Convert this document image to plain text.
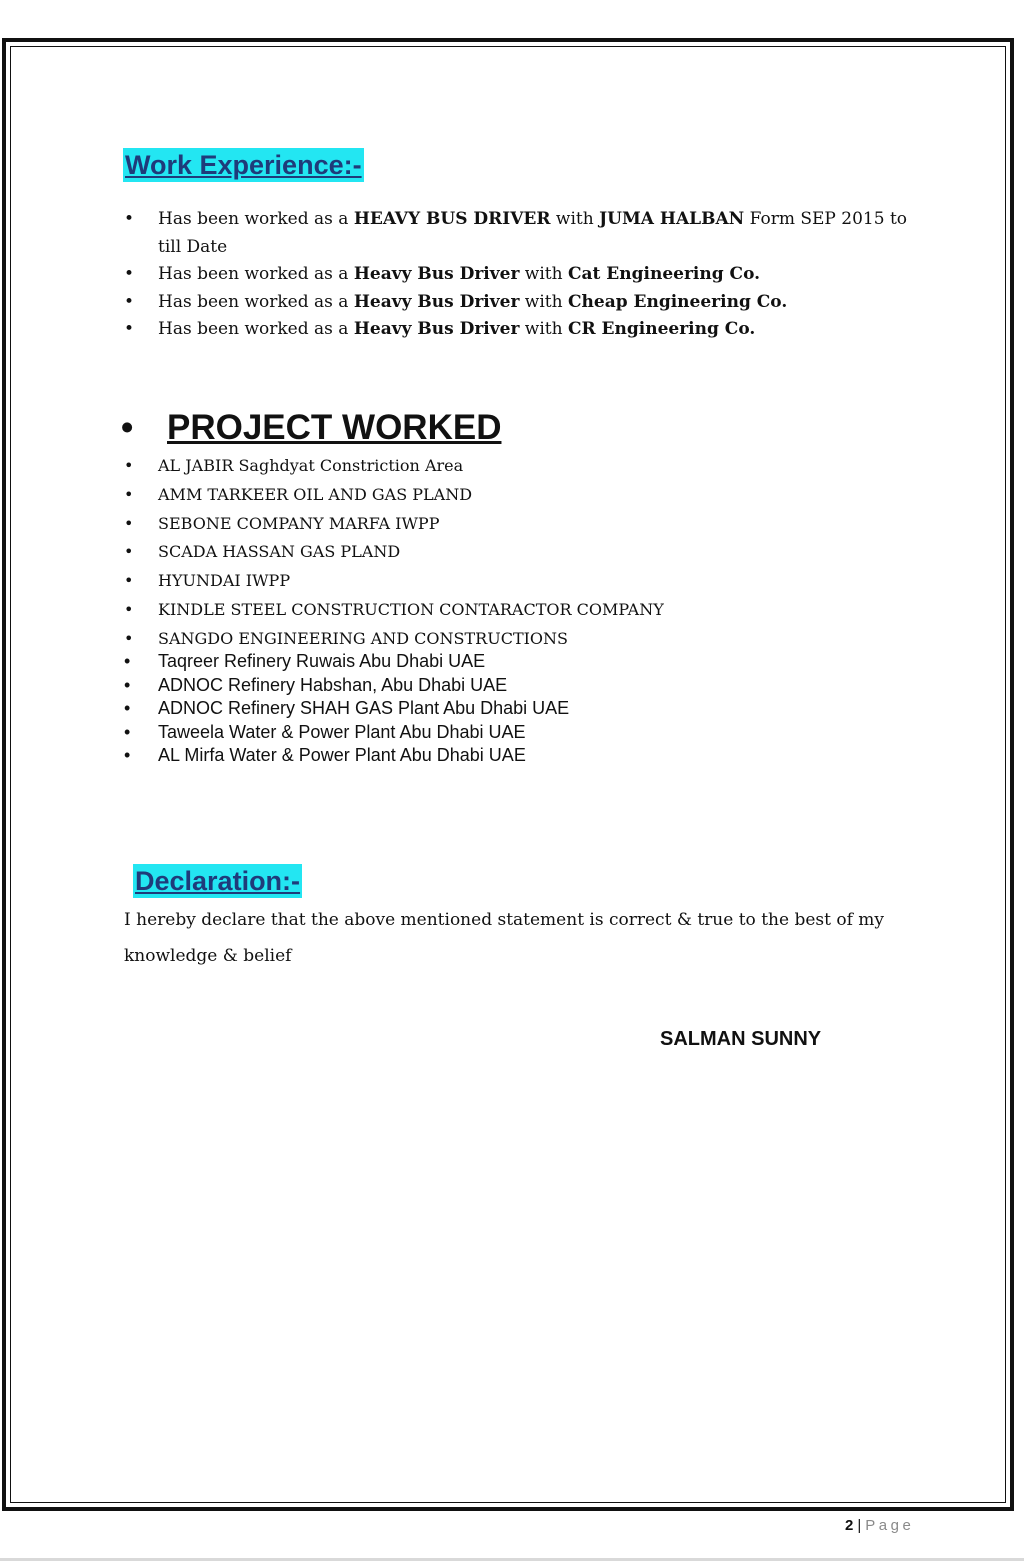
Work Experience:-
• Has been worked as a HEAVY BUS DRIVER with JUMA HALBAN Form SEP 2015 to till Date
• Has been worked as a Heavy Bus Driver with Cat Engineering Co.
• Has been worked as a Heavy Bus Driver with Cheap Engineering Co.
• Has been worked as a Heavy Bus Driver with CR Engineering Co.
• PROJECT WORKED
• AL JABIR Saghdyat Constriction Area
• AMM TARKEER OIL AND GAS PLAND
• SEBONE COMPANY MARFA IWPP
• SCADA HASSAN GAS PLAND
• HYUNDAI IWPP
• KINDLE STEEL CONSTRUCTION CONTARACTOR COMPANY
• SANGDO ENGINEERING AND CONSTRUCTIONS
• Taqreer Refinery Ruwais Abu Dhabi UAE
• ADNOC Refinery Habshan, Abu Dhabi UAE
• ADNOC Refinery SHAH GAS Plant Abu Dhabi UAE
• Taweela Water & Power Plant Abu Dhabi UAE
• AL Mirfa Water & Power Plant Abu Dhabi UAE
Declaration:-
I hereby declare that the above mentioned statement is correct & true to the best of my knowledge & belief
SALMAN SUNNY
2 | Page
